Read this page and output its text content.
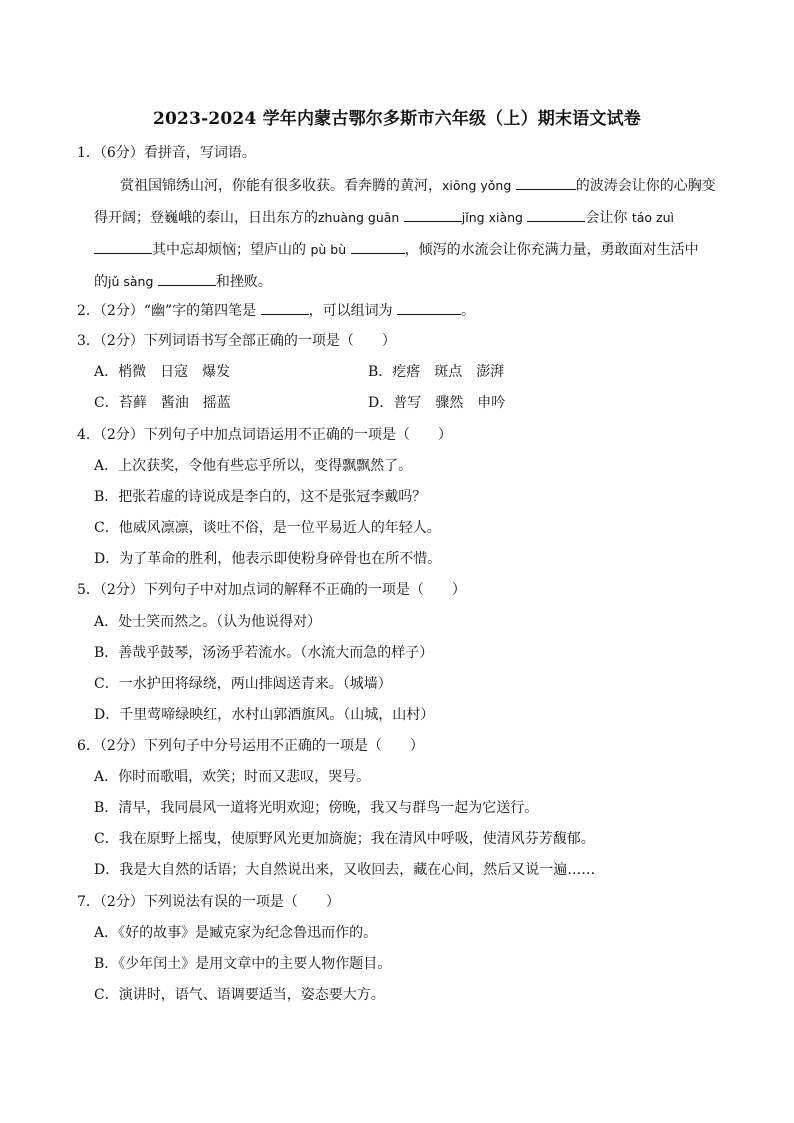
2023-2024 学年内蒙古鄂尔多斯市六年级（上）期末语文试卷
1．（6分）看拼音，写词语。
赏祖国锦绣山河，你能有很多收获。看奔腾的黄河，xiōng yǒng	的波涛会让你的心胸变
得开阔；登巍峨的泰山，日出东方的zhuàng guān	jǐng xiàng	会让你 táo zuì
其中忘却烦恼；望庐山的 pù bù	，倾泻的水流会让你充满力量，勇敢面对生活中
的jǔ sàng	和挫败。
2．（2分）“幽”字的第四笔是	，可以组词为	。
3．（2分）下列词语书写全部正确的一项是（　　）
A．梢微 日寇 爆发	B．疙瘩 斑点 澎湃
C．苔藓 酱油 摇蓝	D．普写 骤然 申吟
4．（2分）下列句子中加点词语运用不正确的一项是（　　）
A．上次获奖，令他有些忘乎所以，变得飘飘然了。
B．把张若虚的诗说成是李白的，这不是张冠李戴吗？
C．他威风凛凛，谈吐不俗，是一位平易近人的年轻人。
D．为了革命的胜利，他表示即使粉身碎骨也在所不惜。
5．（2分）下列句子中对加点词的解释不正确的一项是（　　）
A．处士笑而然之。（认为他说得对）
B．善哉乎鼓琴，汤汤乎若流水。（水流大而急的样子）
C．一水护田将绿绕，两山排闼送青来。（城墙）
D．千里莺啼绿映红，水村山郭酒旗风。（山城，山村）
6．（2分）下列句子中分号运用不正确的一项是（　　）
A．你时而歌唱，欢笑；时而又悲叹，哭号。
B．清早，我同晨风一道将光明欢迎；傍晚，我又与群鸟一起为它送行。
C．我在原野上摇曳，使原野风光更加旖旎；我在清风中呼吸，使清风芬芳馥郁。
D．我是大自然的话语；大自然说出来，又收回去，藏在心间，然后又说一遍……
7．（2分）下列说法有误的一项是（　　）
A．《好的故事》是臧克家为纪念鲁迅而作的。
B．《少年闰土》是用文章中的主要人物作题目。
C．演讲时，语气、语调要适当，姿态要大方。
